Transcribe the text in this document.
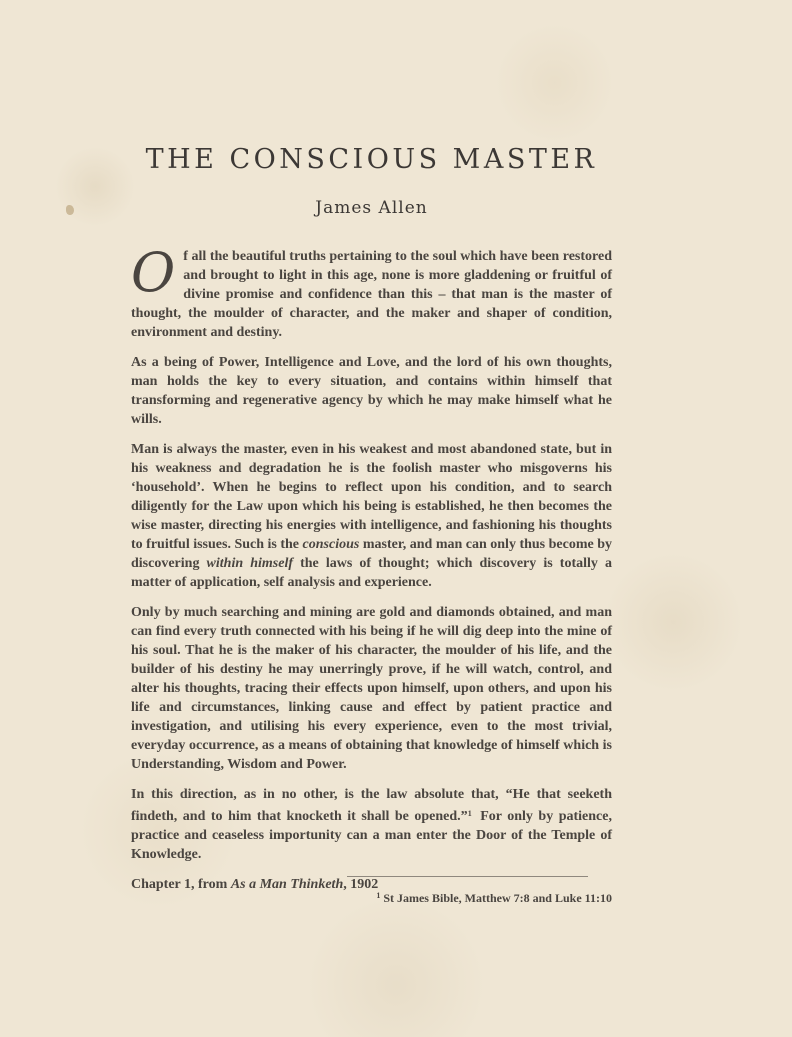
THE CONSCIOUS MASTER
James Allen

Of all the beautiful truths pertaining to the soul which have been restored and brought to light in this age, none is more gladdening or fruitful of divine promise and confidence than this – that man is the master of thought, the moulder of character, and the maker and shaper of condition, environment and destiny.

As a being of Power, Intelligence and Love, and the lord of his own thoughts, man holds the key to every situation, and contains within himself that transforming and regenerative agency by which he may make himself what he wills.

Man is always the master, even in his weakest and most abandoned state, but in his weakness and degradation he is the foolish master who misgoverns his ‘household’. When he begins to reflect upon his condition, and to search diligently for the Law upon which his being is established, he then becomes the wise master, directing his energies with intelligence, and fashioning his thoughts to fruitful issues. Such is the conscious master, and man can only thus become by discovering within himself the laws of thought; which discovery is totally a matter of application, self analysis and experience.

Only by much searching and mining are gold and diamonds obtained, and man can find every truth connected with his being if he will dig deep into the mine of his soul. That he is the maker of his character, the moulder of his life, and the builder of his destiny he may unerringly prove, if he will watch, control, and alter his thoughts, tracing their effects upon himself, upon others, and upon his life and circumstances, linking cause and effect by patient practice and investigation, and utilising his every experience, even to the most trivial, everyday occurrence, as a means of obtaining that knowledge of himself which is Understanding, Wisdom and Power.

In this direction, as in no other, is the law absolute that, “He that seeketh findeth, and to him that knocketh it shall be opened.”$^1$ For only by patience, practice and ceaseless importunity can a man enter the Door of the Temple of Knowledge.

Chapter 1, from As a Man Thinketh, 1902

$^1$ St James Bible, Matthew 7:8 and Luke 11:10
